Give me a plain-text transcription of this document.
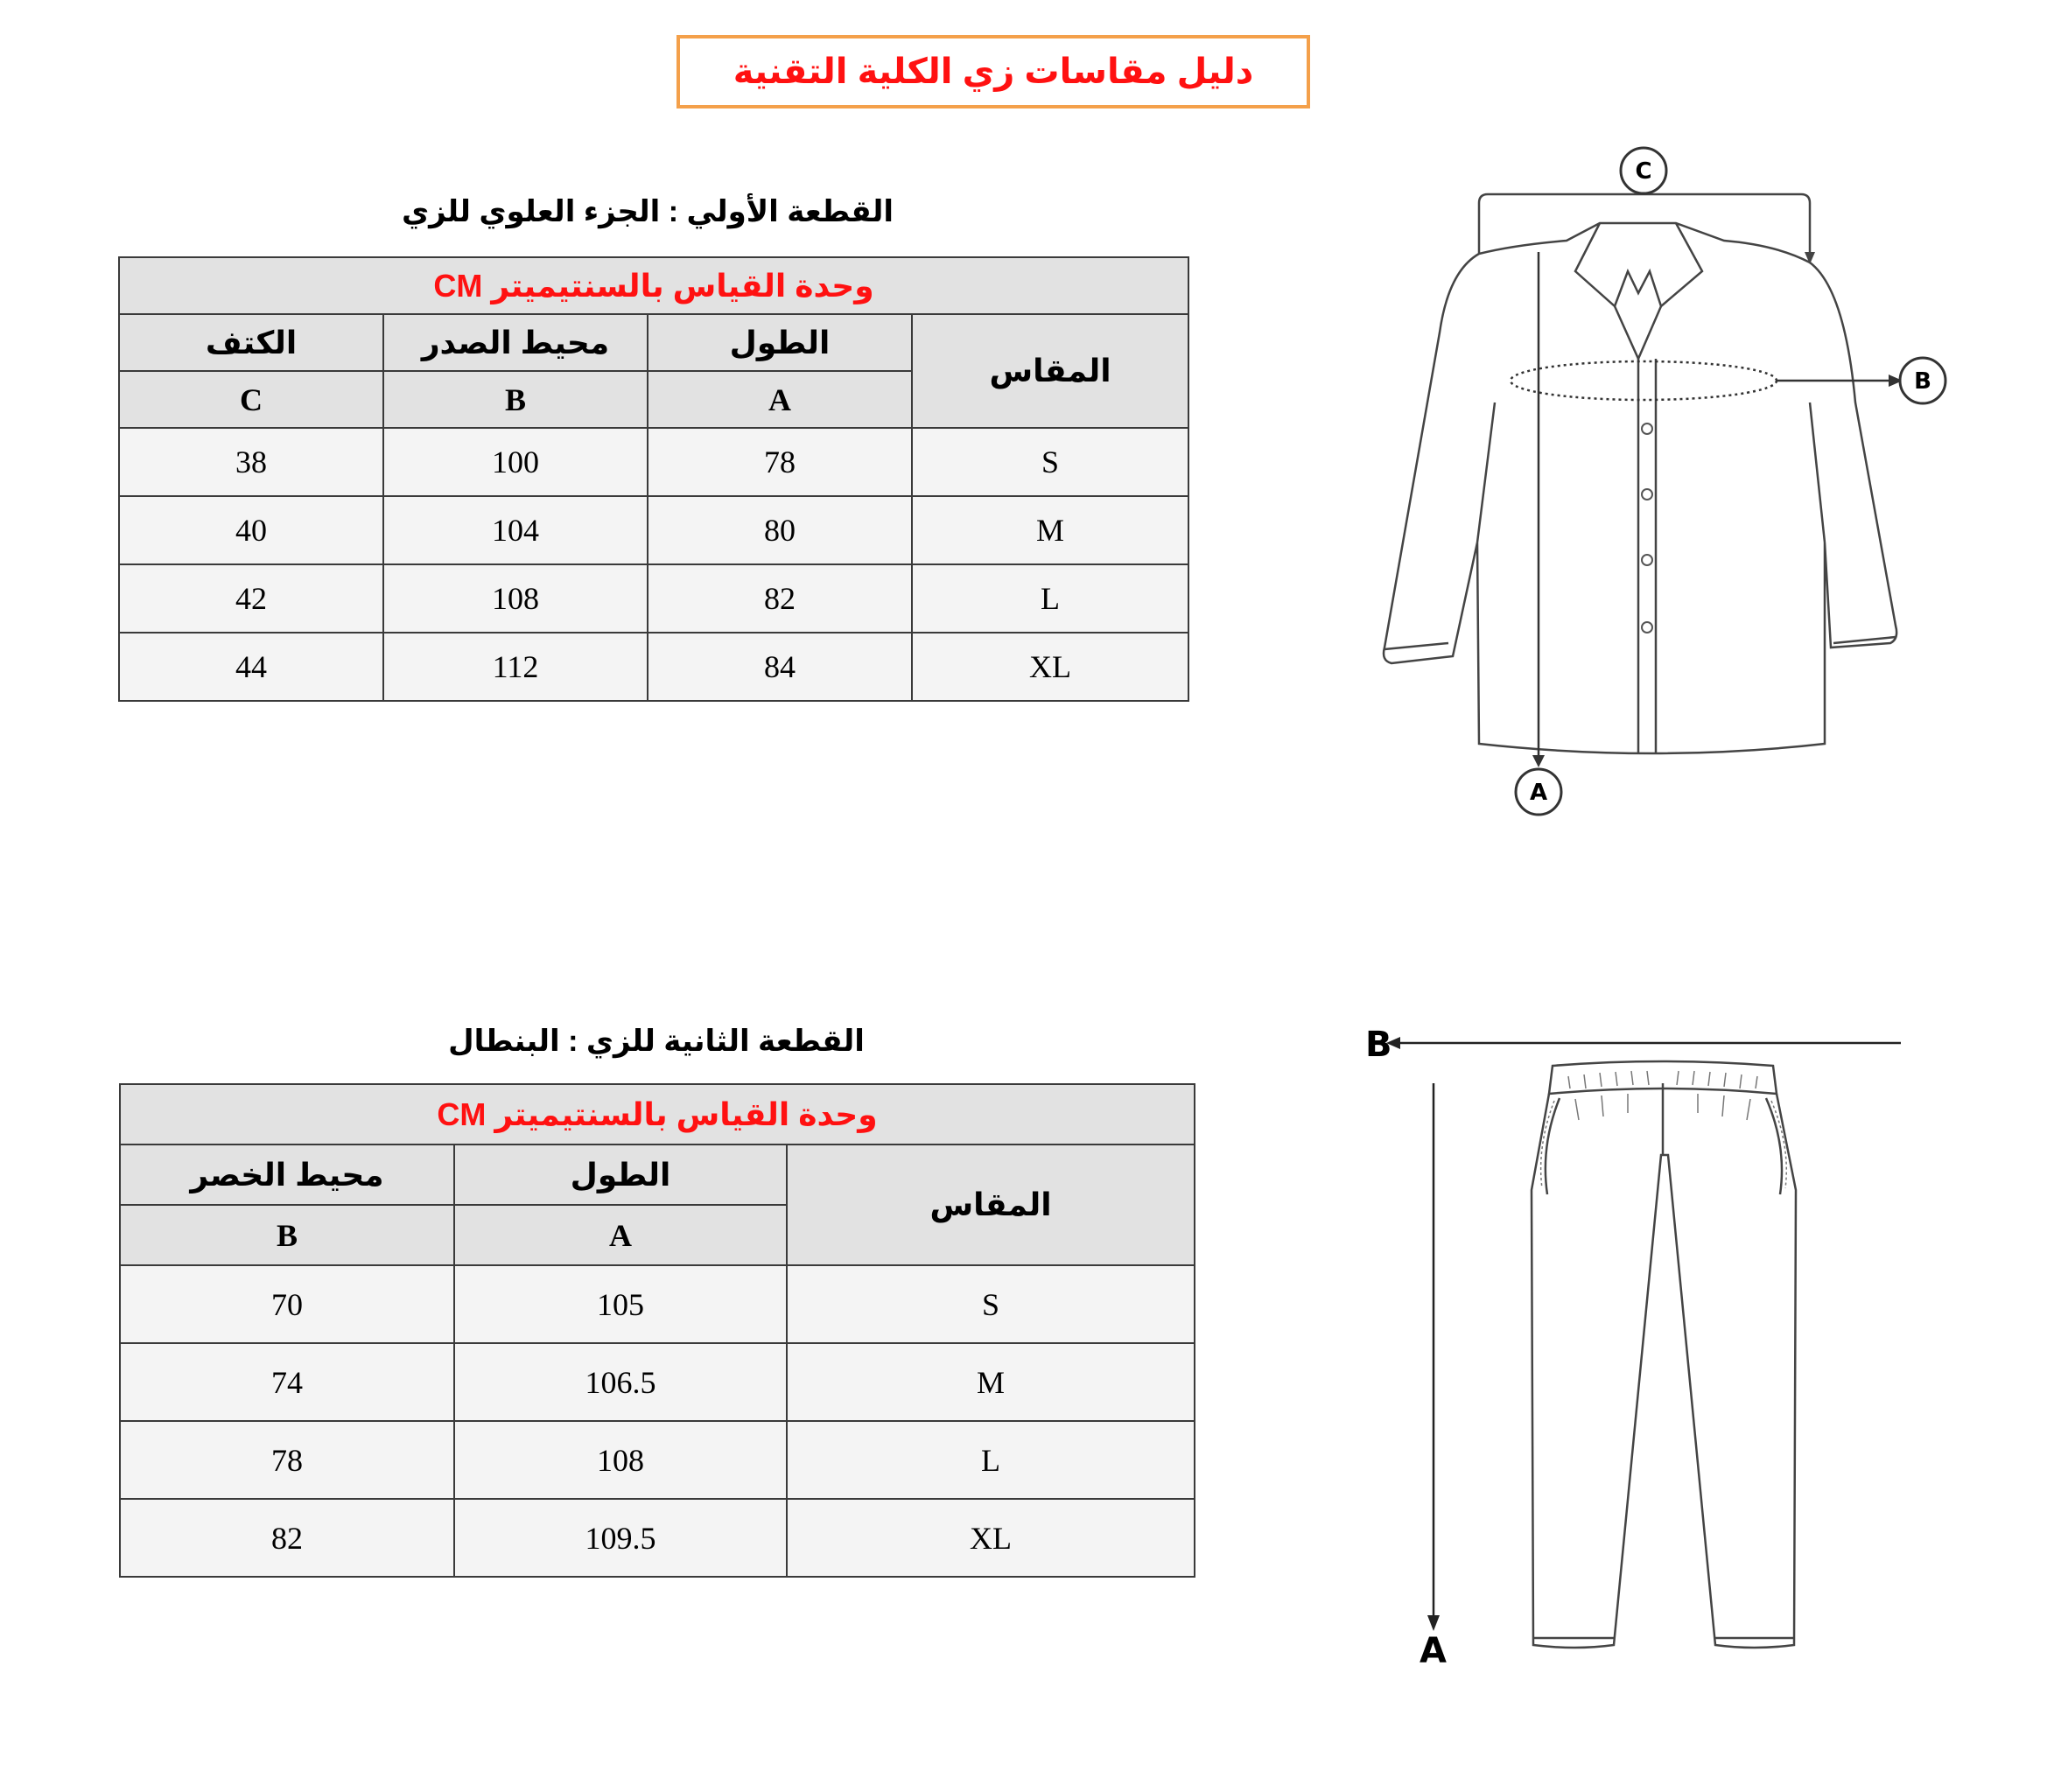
دليل مقاسات زي الكلية التقنية
القطعة الأولي : الجزء العلوي للزي
وحدة القياس بالسنتيميتر CM			
الكتف	محيط الصدر	الطول	المقاس
C	B	A	
38	100	78	S
40	104	80	M
42	108	82	L
44	112	84	XL
C
B
A
القطعة الثانية للزي : البنطال
وحدة القياس بالسنتيميتر CM		
محيط الخصر	الطول	المقاس
B	A	
70	105	S
74	106.5	M
78	108	L
82	109.5	XL
B
A
